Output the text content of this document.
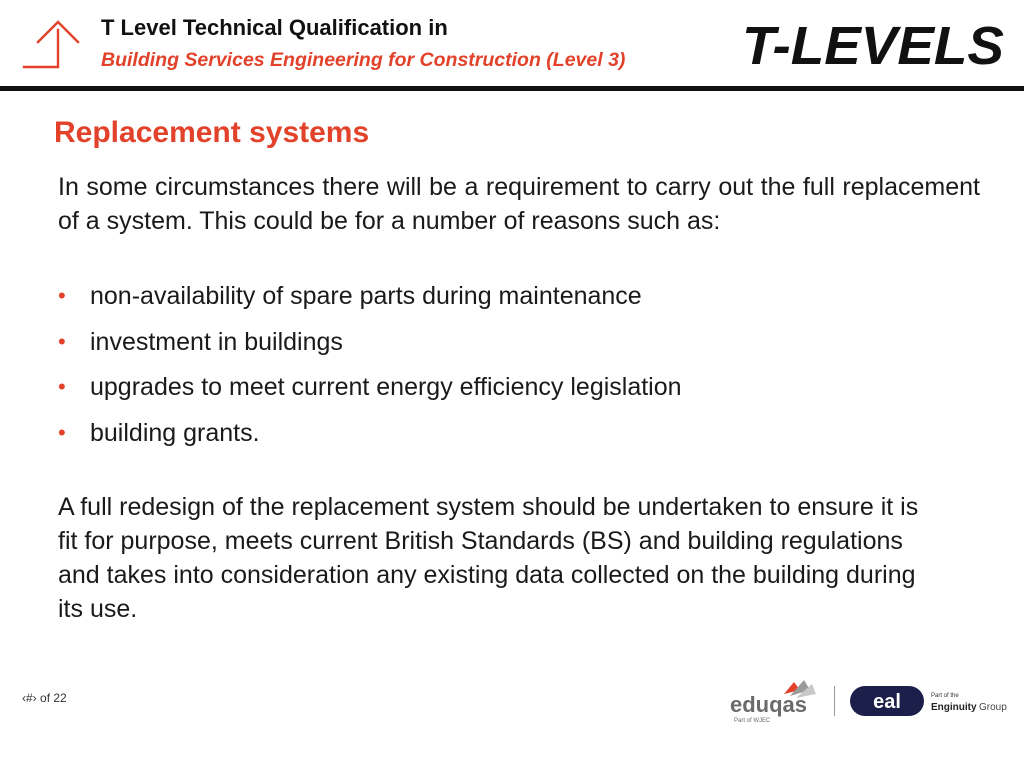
T Level Technical Qualification in
Building Services Engineering for Construction (Level 3) T-LEVELS
Replacement systems
In some circumstances there will be a requirement to carry out the full replacement of a system. This could be for a number of reasons such as:
• non-availability of spare parts during maintenance
• investment in buildings
• upgrades to meet current energy efficiency legislation
• building grants.
A full redesign of the replacement system should be undertaken to ensure it is fit for purpose, meets current British Standards (BS) and building regulations and takes into consideration any existing data collected on the building during its use.
‹#› of 22	eduqas
Part of WJEC
eal	Part of the
Enginuity Group
